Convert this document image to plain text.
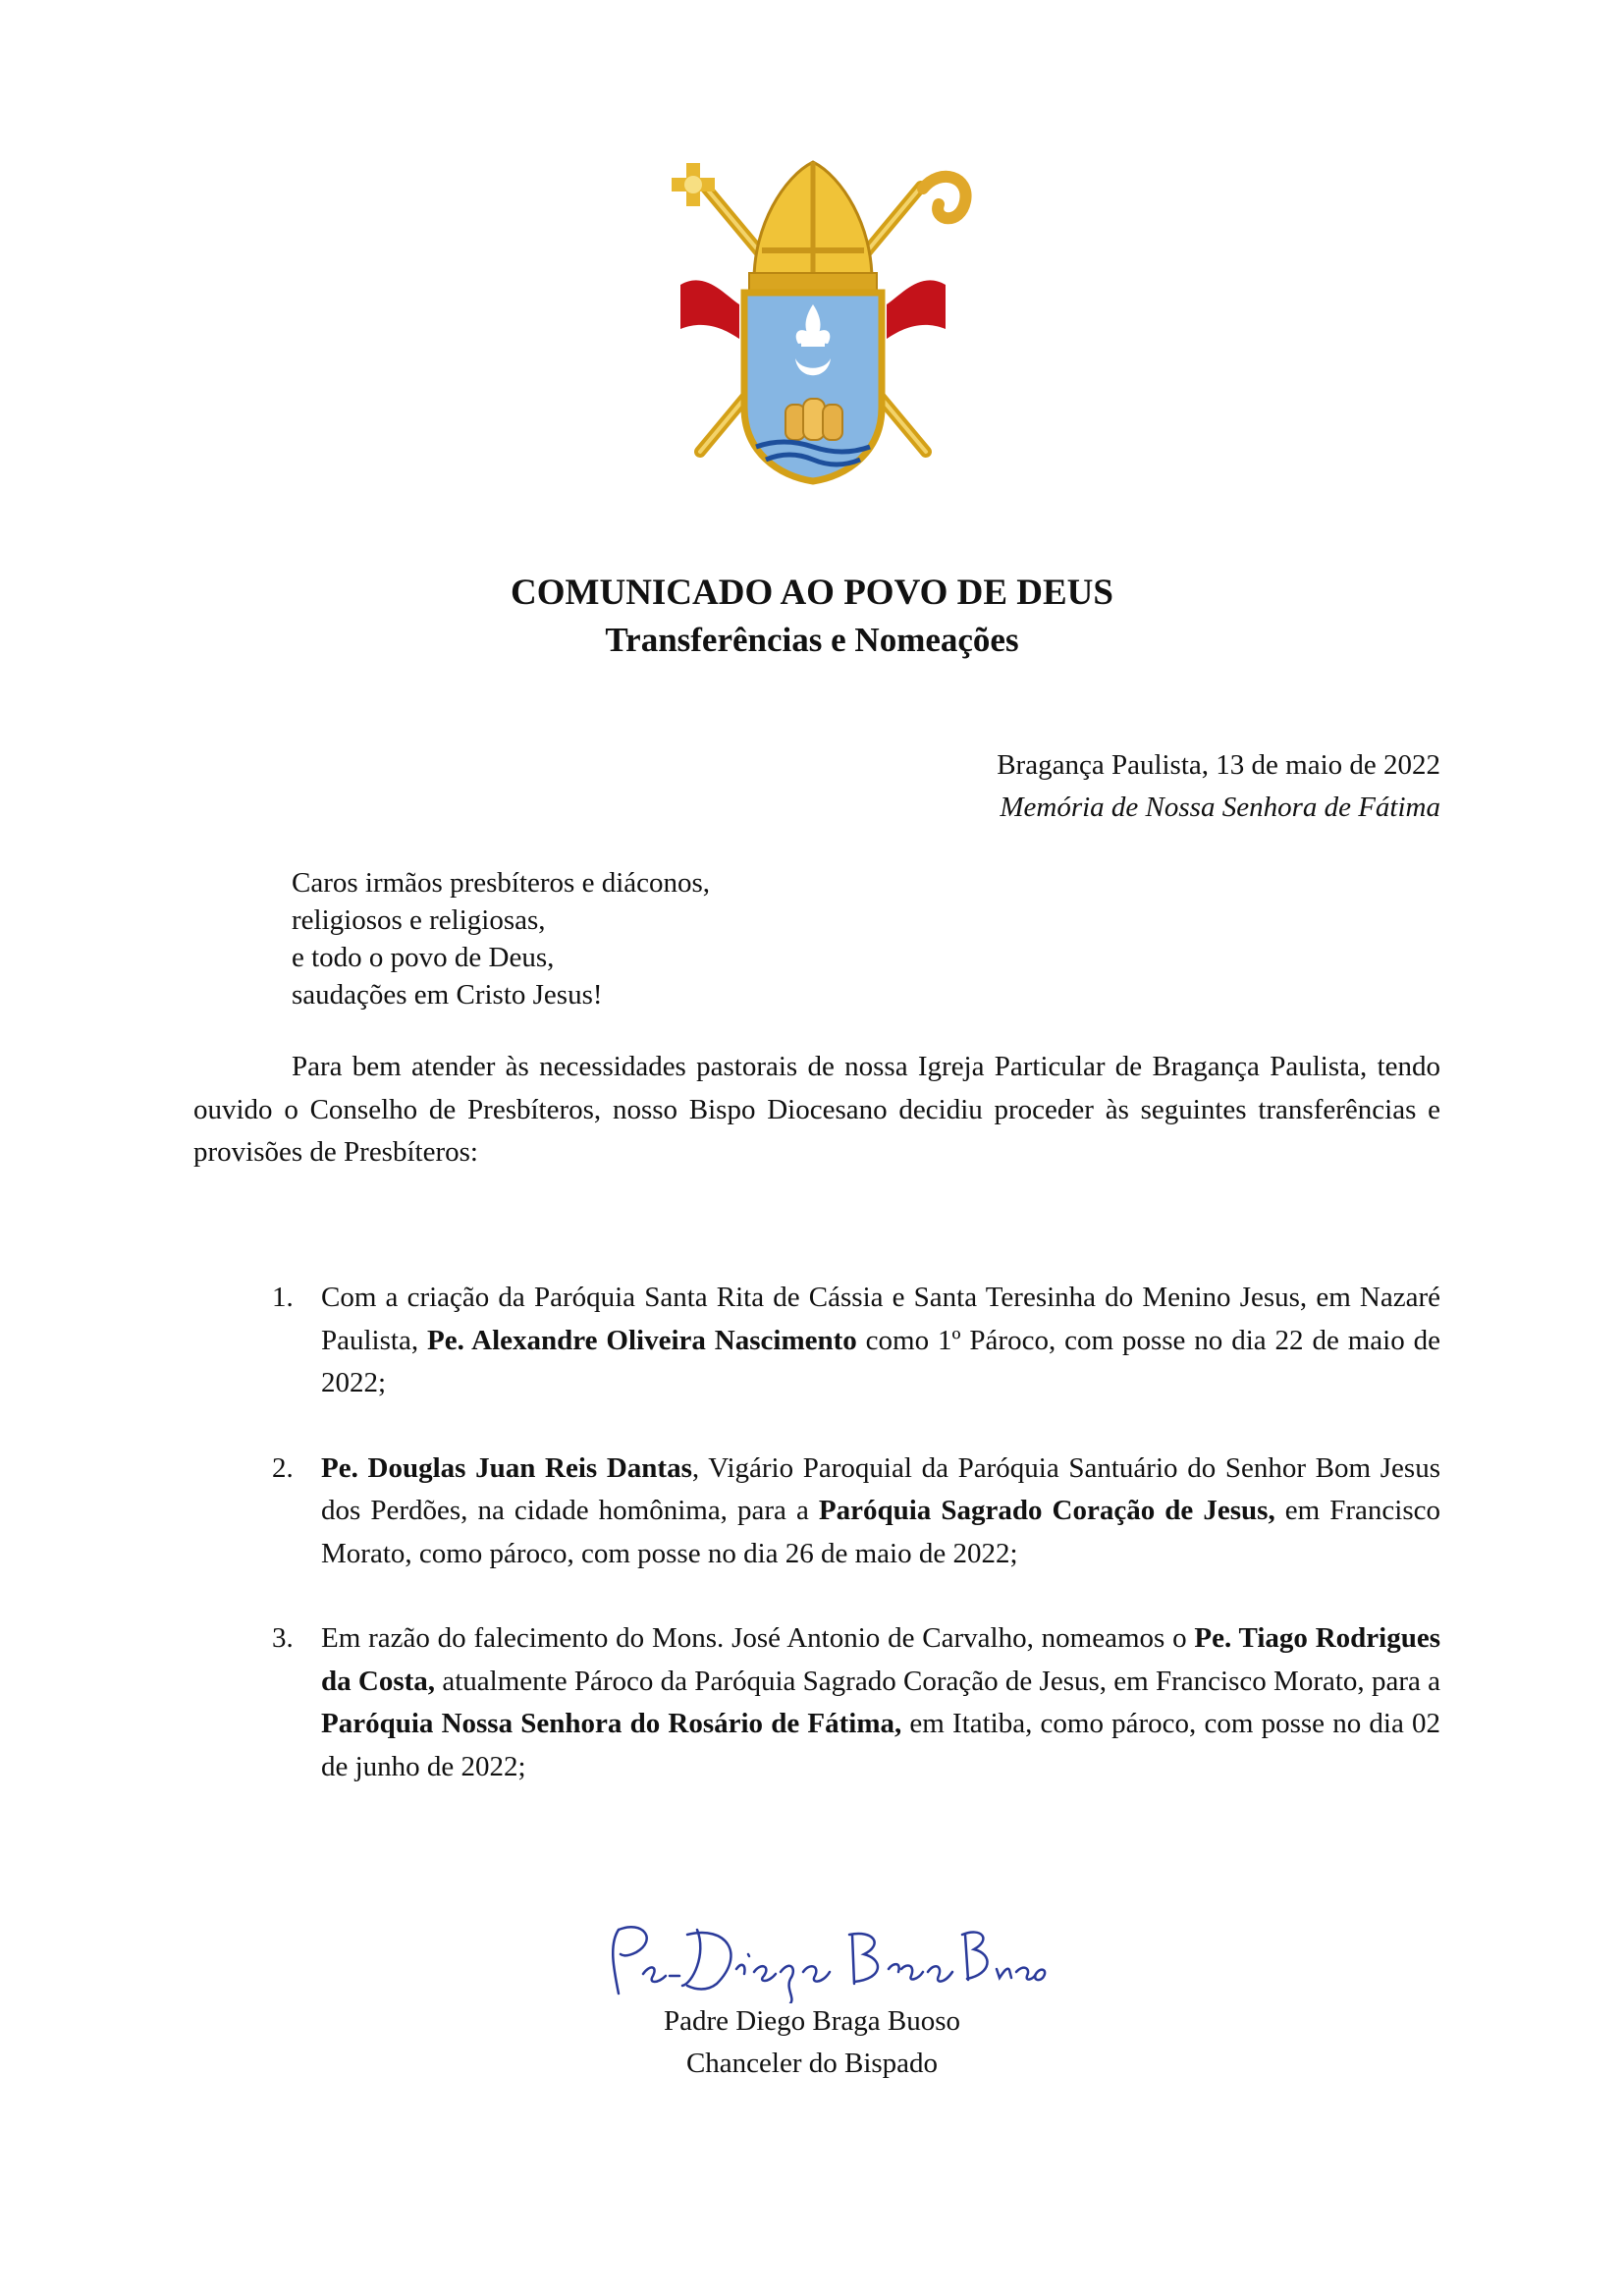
COMUNICADO AO POVO DE DEUS
Transferências e Nomeações
Bragança Paulista, 13 de maio de 2022
Memória de Nossa Senhora de Fátima
Caros irmãos presbíteros e diáconos,
religiosos e religiosas,
e todo o povo de Deus,
saudações em Cristo Jesus!

Para bem atender às necessidades pastorais de nossa Igreja Particular de Bragança Paulista, tendo ouvido o Conselho de Presbíteros, nosso Bispo Diocesano decidiu proceder às seguintes transferências e provisões de Presbíteros:

1. Com a criação da Paróquia Santa Rita de Cássia e Santa Teresinha do Menino Jesus, em Nazaré Paulista, Pe. Alexandre Oliveira Nascimento como 1º Pároco, com posse no dia 22 de maio de 2022;
2. Pe. Douglas Juan Reis Dantas, Vigário Paroquial da Paróquia Santuário do Senhor Bom Jesus dos Perdões, na cidade homônima, para a Paróquia Sagrado Coração de Jesus, em Francisco Morato, como pároco, com posse no dia 26 de maio de 2022;
3. Em razão do falecimento do Mons. José Antonio de Carvalho, nomeamos o Pe. Tiago Rodrigues da Costa, atualmente Pároco da Paróquia Sagrado Coração de Jesus, em Francisco Morato, para a Paróquia Nossa Senhora do Rosário de Fátima, em Itatiba, como pároco, com posse no dia 02 de junho de 2022;
Padre Diego Braga Buoso
Chanceler do Bispado
